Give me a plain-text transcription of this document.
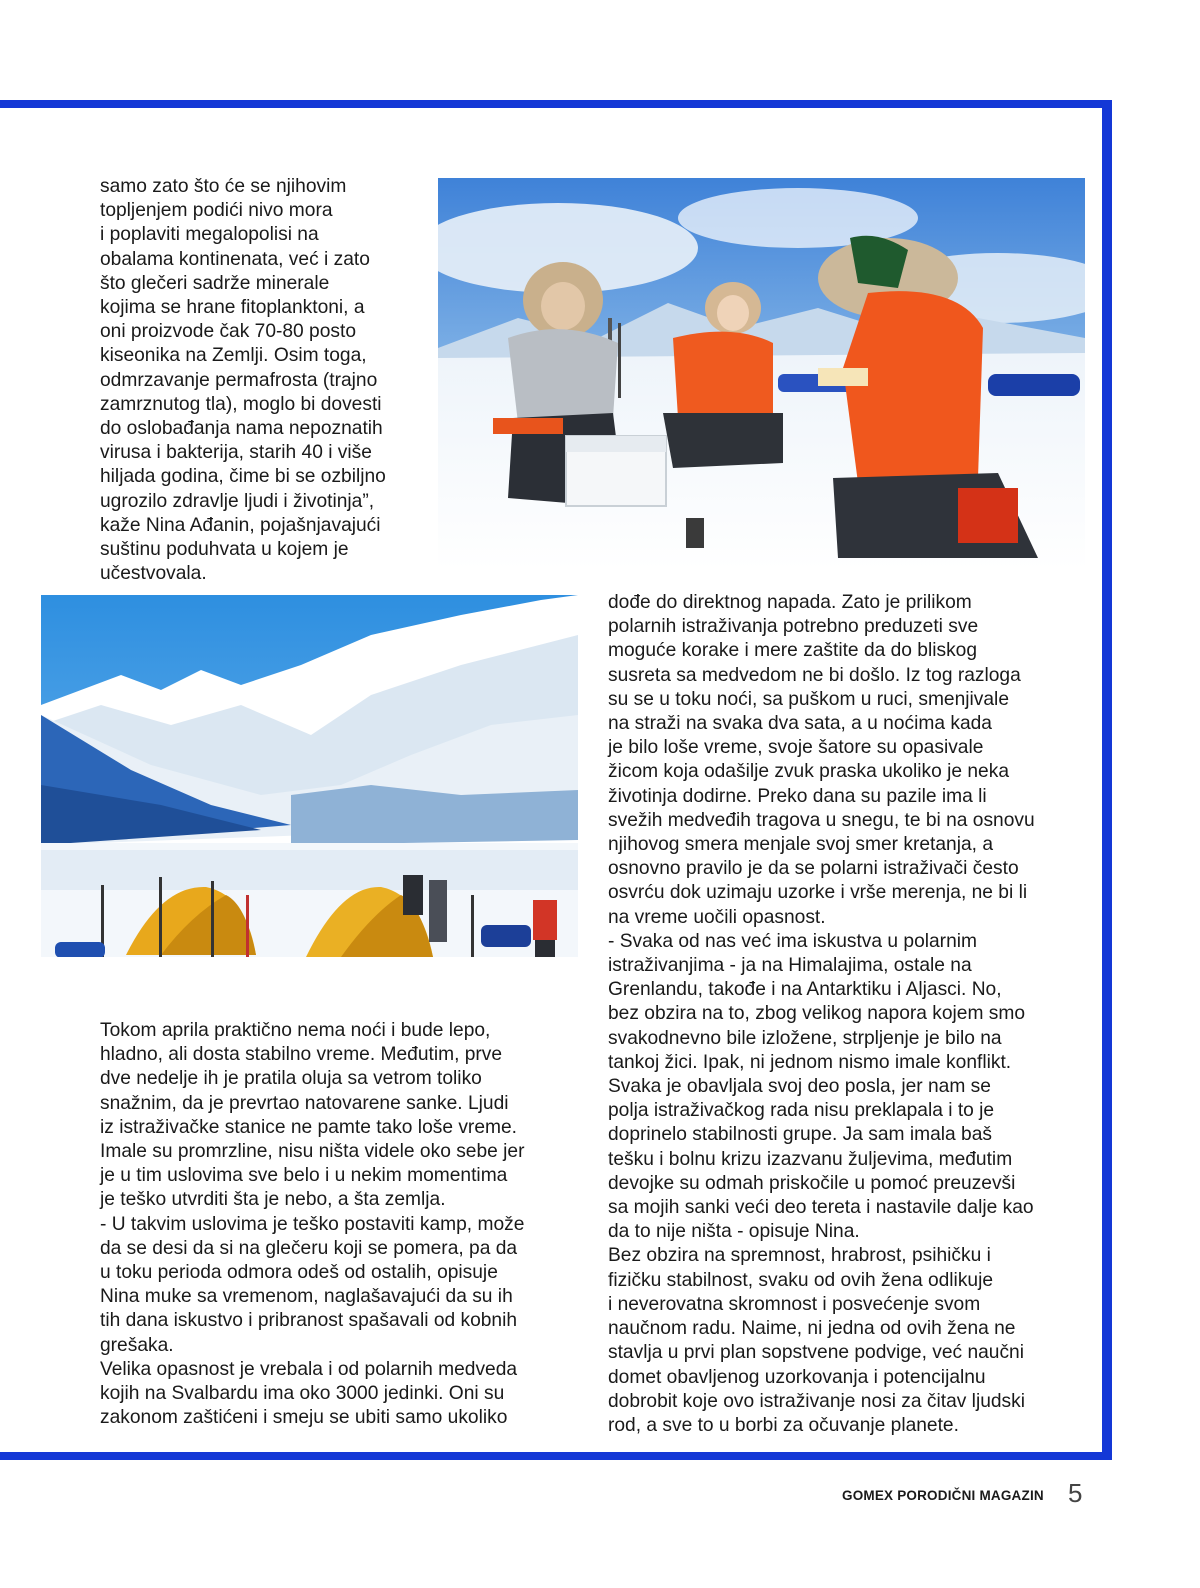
samo zato što će se njihovim
topljenjem podići nivo mora
i poplaviti megalopolisi na
obalama kontinenata, već i zato
što glečeri sadrže minerale
kojima se hrane fitoplanktoni, a
oni proizvode čak 70-80 posto
kiseonika na Zemlji. Osim toga,
odmrzavanje permafrosta (trajno
zamrznutog tla), moglo bi dovesti
do oslobađanja nama nepoznatih
virusa i bakterija, starih 40 i više
hiljada godina, čime bi se ozbiljno
ugrozilo zdravlje ljudi i životinja”,
kaže Nina Ađanin, pojašnjavajući
suštinu poduhvata u kojem je
učestvovala.
Tokom aprila praktično nema noći i bude lepo,
hladno, ali dosta stabilno vreme. Međutim, prve
dve nedelje ih je pratila oluja sa vetrom toliko
snažnim, da je prevrtao natovarene sanke. Ljudi
iz istraživačke stanice ne pamte tako loše vreme.
Imale su promrzline, nisu ništa videle oko sebe jer
je u tim uslovima sve belo i u nekim momentima
je teško utvrditi šta je nebo, a šta zemlja.
- U takvim uslovima je teško postaviti kamp, može
da se desi da si na glečeru koji se pomera, pa da
u toku perioda odmora odeš od ostalih, opisuje
Nina muke sa vremenom, naglašavajući da su ih
tih dana iskustvo i pribranost spašavali od kobnih
grešaka.
Velika opasnost je vrebala i od polarnih medveda
kojih na Svalbardu ima oko 3000 jedinki. Oni su
zakonom zaštićeni i smeju se ubiti samo ukoliko
dođe do direktnog napada. Zato je prilikom
polarnih istraživanja potrebno preduzeti sve
moguće korake i mere zaštite da do bliskog
susreta sa medvedom ne bi došlo. Iz tog razloga
su se u toku noći, sa puškom u ruci, smenjivale
na straži na svaka dva sata, a u noćima kada
je bilo loše vreme, svoje šatore su opasivale
žicom koja odašilje zvuk praska ukoliko je neka
životinja dodirne. Preko dana su pazile ima li
svežih medveđih tragova u snegu, te bi na osnovu
njihovog smera menjale svoj smer kretanja, a
osnovno pravilo je da se polarni istraživači često
osvrću dok uzimaju uzorke i vrše merenja, ne bi li
na vreme uočili opasnost.
- Svaka od nas već ima iskustva u polarnim
istraživanjima - ja na Himalajima, ostale na
Grenlandu, takođe i na Antarktiku i Aljasci. No,
bez obzira na to, zbog velikog napora kojem smo
svakodnevno bile izložene, strpljenje je bilo na
tankoj žici. Ipak, ni jednom nismo imale konflikt.
Svaka je obavljala svoj deo posla, jer nam se
polja istraživačkog rada nisu preklapala i to je
doprinelo stabilnosti grupe. Ja sam imala baš
tešku i bolnu krizu izazvanu žuljevima, međutim
devojke su odmah priskočile u pomoć preuzevši
sa mojih sanki veći deo tereta i nastavile dalje kao
da to nije ništa - opisuje Nina.
Bez obzira na spremnost, hrabrost, psihičku i
fizičku stabilnost, svaku od ovih žena odlikuje
i neverovatna skromnost i posvećenje svom
naučnom radu. Naime, ni jedna od ovih žena ne
stavlja u prvi plan sopstvene podvige, već naučni
domet obavljenog uzorkovanja i potencijalnu
dobrobit koje ovo istraživanje nosi za čitav ljudski
rod, a sve to u borbi za očuvanje planete.
GOMEX PORODIČNI MAGAZIN 5
